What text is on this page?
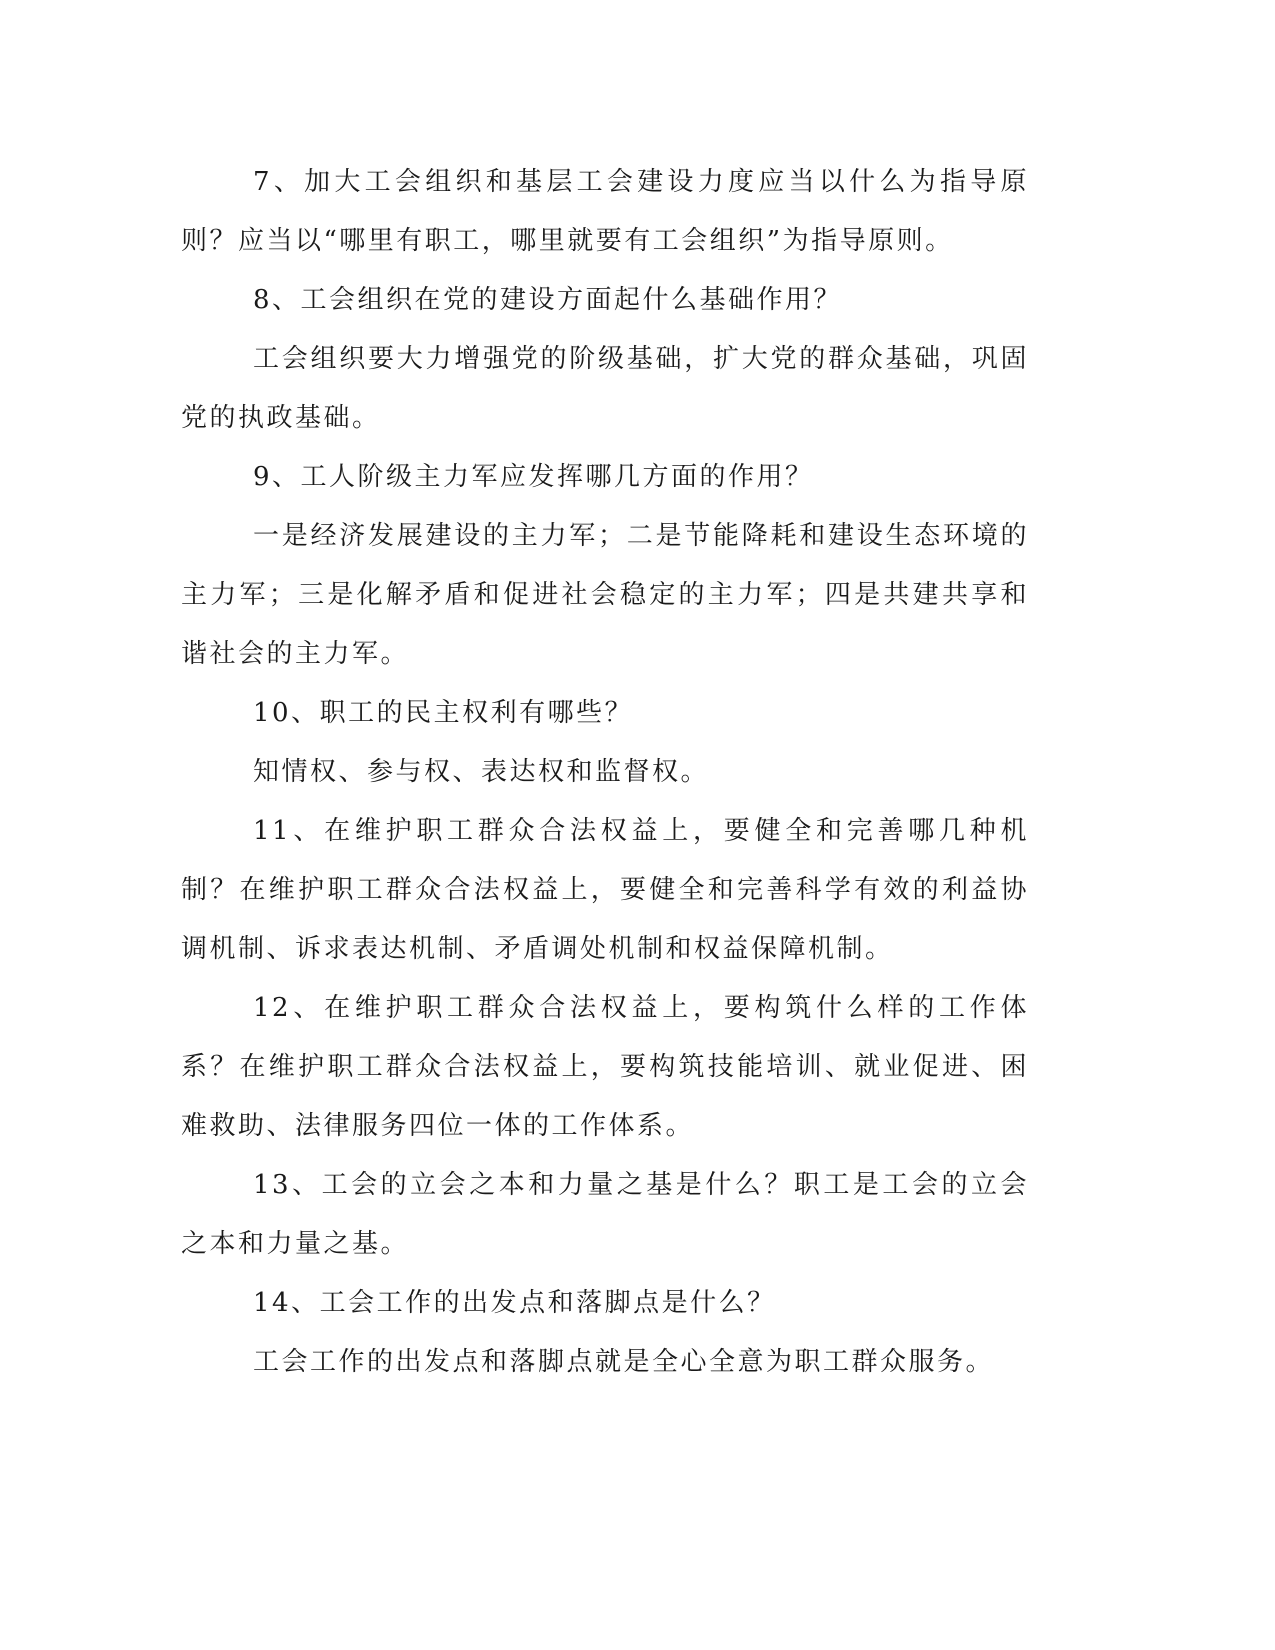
7、加大工会组织和基层工会建设力度应当以什么为指导原则？应当以“哪里有职工，哪里就要有工会组织”为指导原则。

8、工会组织在党的建设方面起什么基础作用？

工会组织要大力增强党的阶级基础，扩大党的群众基础，巩固党的执政基础。

9、工人阶级主力军应发挥哪几方面的作用？

一是经济发展建设的主力军；二是节能降耗和建设生态环境的主力军；三是化解矛盾和促进社会稳定的主力军；四是共建共享和谐社会的主力军。

10、职工的民主权利有哪些？

知情权、参与权、表达权和监督权。

11、在维护职工群众合法权益上，要健全和完善哪几种机制？在维护职工群众合法权益上，要健全和完善科学有效的利益协调机制、诉求表达机制、矛盾调处机制和权益保障机制。

12、在维护职工群众合法权益上，要构筑什么样的工作体系？在维护职工群众合法权益上，要构筑技能培训、就业促进、困难救助、法律服务四位一体的工作体系。

13、工会的立会之本和力量之基是什么？职工是工会的立会之本和力量之基。

14、工会工作的出发点和落脚点是什么？

工会工作的出发点和落脚点就是全心全意为职工群众服务。
